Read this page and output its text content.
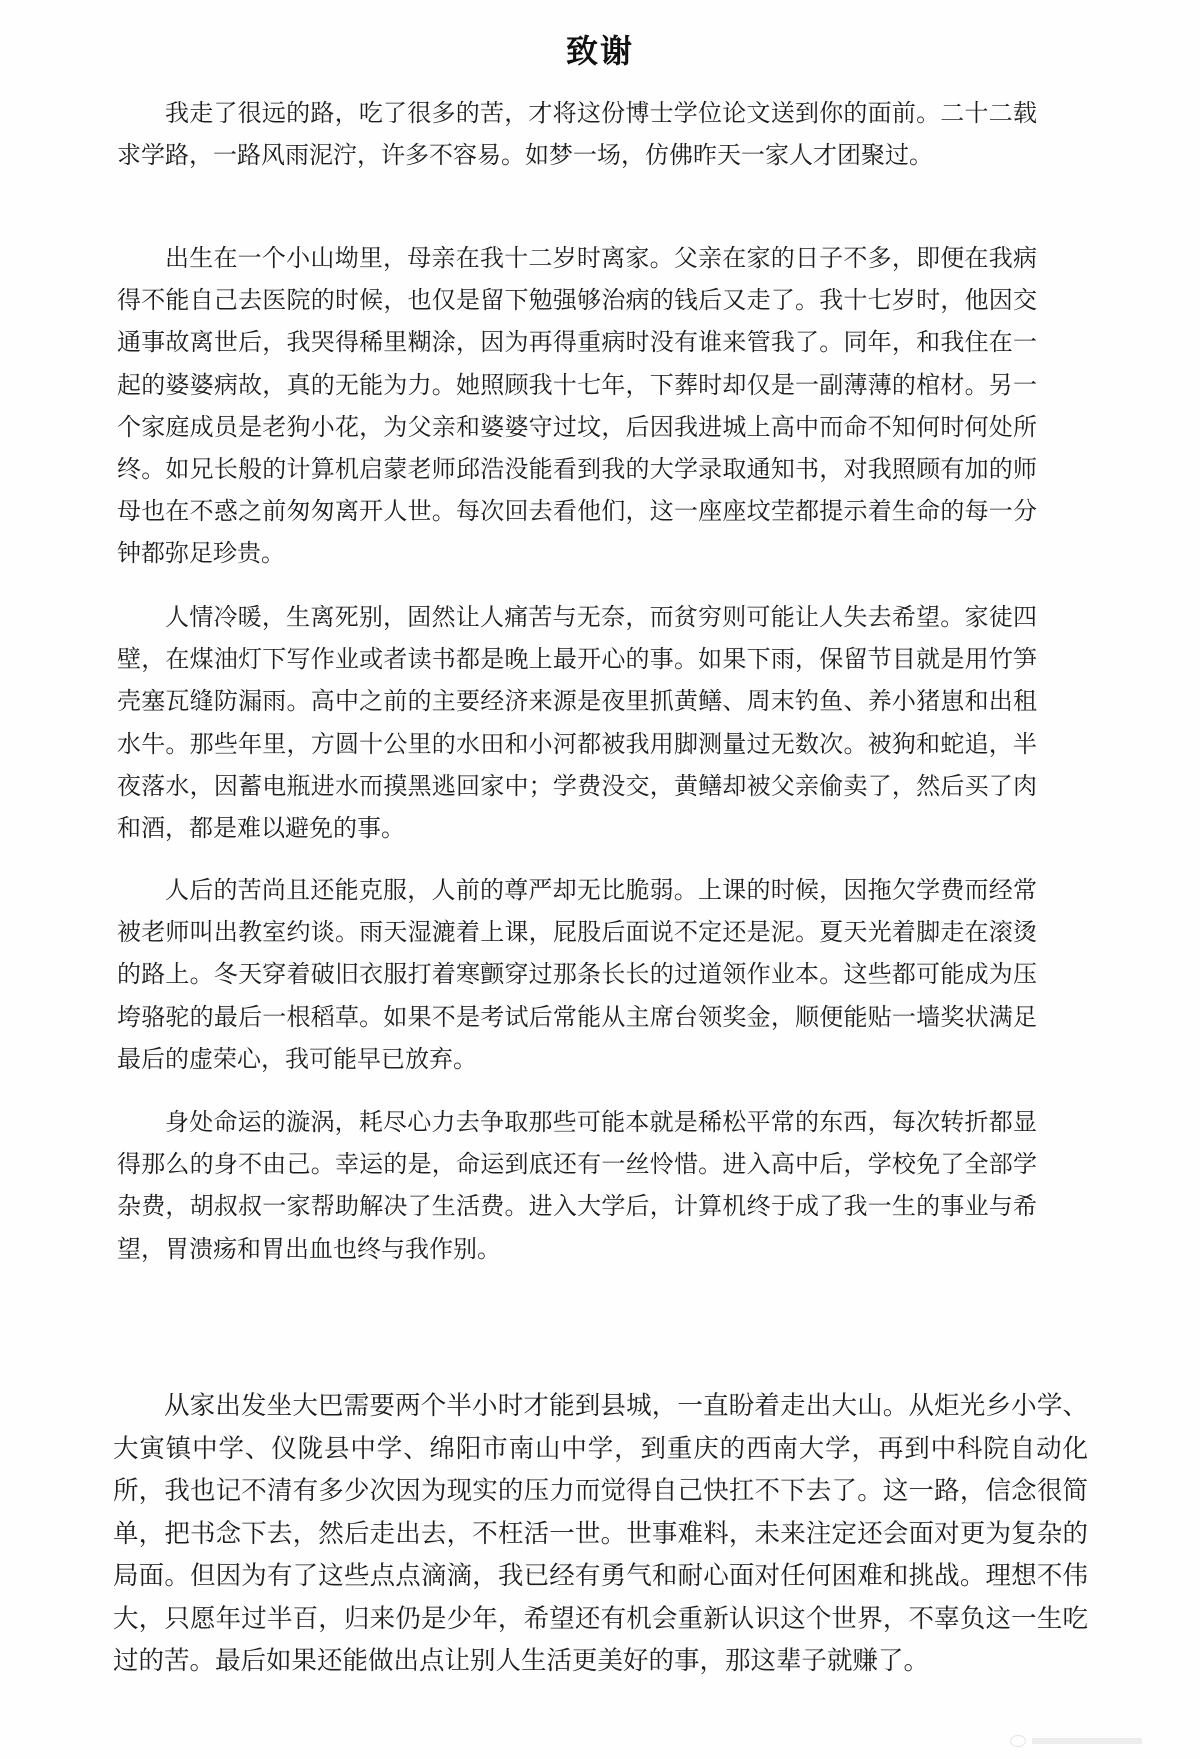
致谢

我走了很远的路，吃了很多的苦，才将这份博士学位论文送到你的面前。二十二载求学路，一路风雨泥泞，许多不容易。如梦一场，仿佛昨天一家人才团聚过。

出生在一个小山坳里，母亲在我十二岁时离家。父亲在家的日子不多，即便在我病得不能自己去医院的时候，也仅是留下勉强够治病的钱后又走了。我十七岁时，他因交通事故离世后，我哭得稀里糊涂，因为再得重病时没有谁来管我了。同年，和我住在一起的婆婆病故，真的无能为力。她照顾我十七年，下葬时却仅是一副薄薄的棺材。另一个家庭成员是老狗小花，为父亲和婆婆守过坟，后因我进城上高中而命不知何时何处所终。如兄长般的计算机启蒙老师邱浩没能看到我的大学录取通知书，对我照顾有加的师母也在不惑之前匆匆离开人世。每次回去看他们，这一座座坟茔都提示着生命的每一分钟都弥足珍贵。

人情冷暖，生离死别，固然让人痛苦与无奈，而贫穷则可能让人失去希望。家徒四壁，在煤油灯下写作业或者读书都是晚上最开心的事。如果下雨，保留节目就是用竹笋壳塞瓦缝防漏雨。高中之前的主要经济来源是夜里抓黄鳝、周末钓鱼、养小猪崽和出租水牛。那些年里，方圆十公里的水田和小河都被我用脚测量过无数次。被狗和蛇追，半夜落水，因蓄电瓶进水而摸黑逃回家中；学费没交，黄鳝却被父亲偷卖了，然后买了肉和酒，都是难以避免的事。

人后的苦尚且还能克服，人前的尊严却无比脆弱。上课的时候，因拖欠学费而经常被老师叫出教室约谈。雨天湿漉着上课，屁股后面说不定还是泥。夏天光着脚走在滚烫的路上。冬天穿着破旧衣服打着寒颤穿过那条长长的过道领作业本。这些都可能成为压垮骆驼的最后一根稻草。如果不是考试后常能从主席台领奖金，顺便能贴一墙奖状满足最后的虚荣心，我可能早已放弃。

身处命运的漩涡，耗尽心力去争取那些可能本就是稀松平常的东西，每次转折都显得那么的身不由己。幸运的是，命运到底还有一丝怜惜。进入高中后，学校免了全部学杂费，胡叔叔一家帮助解决了生活费。进入大学后，计算机终于成了我一生的事业与希望，胃溃疡和胃出血也终与我作别。

从家出发坐大巴需要两个半小时才能到县城，一直盼着走出大山。从炬光乡小学、大寅镇中学、仪陇县中学、绵阳市南山中学，到重庆的西南大学，再到中科院自动化所，我也记不清有多少次因为现实的压力而觉得自己快扛不下去了。这一路，信念很简单，把书念下去，然后走出去，不枉活一世。世事难料，未来注定还会面对更为复杂的局面。但因为有了这些点点滴滴，我已经有勇气和耐心面对任何困难和挑战。理想不伟大，只愿年过半百，归来仍是少年，希望还有机会重新认识这个世界，不辜负这一生吃过的苦。最后如果还能做出点让别人生活更美好的事，那这辈子就赚了。
